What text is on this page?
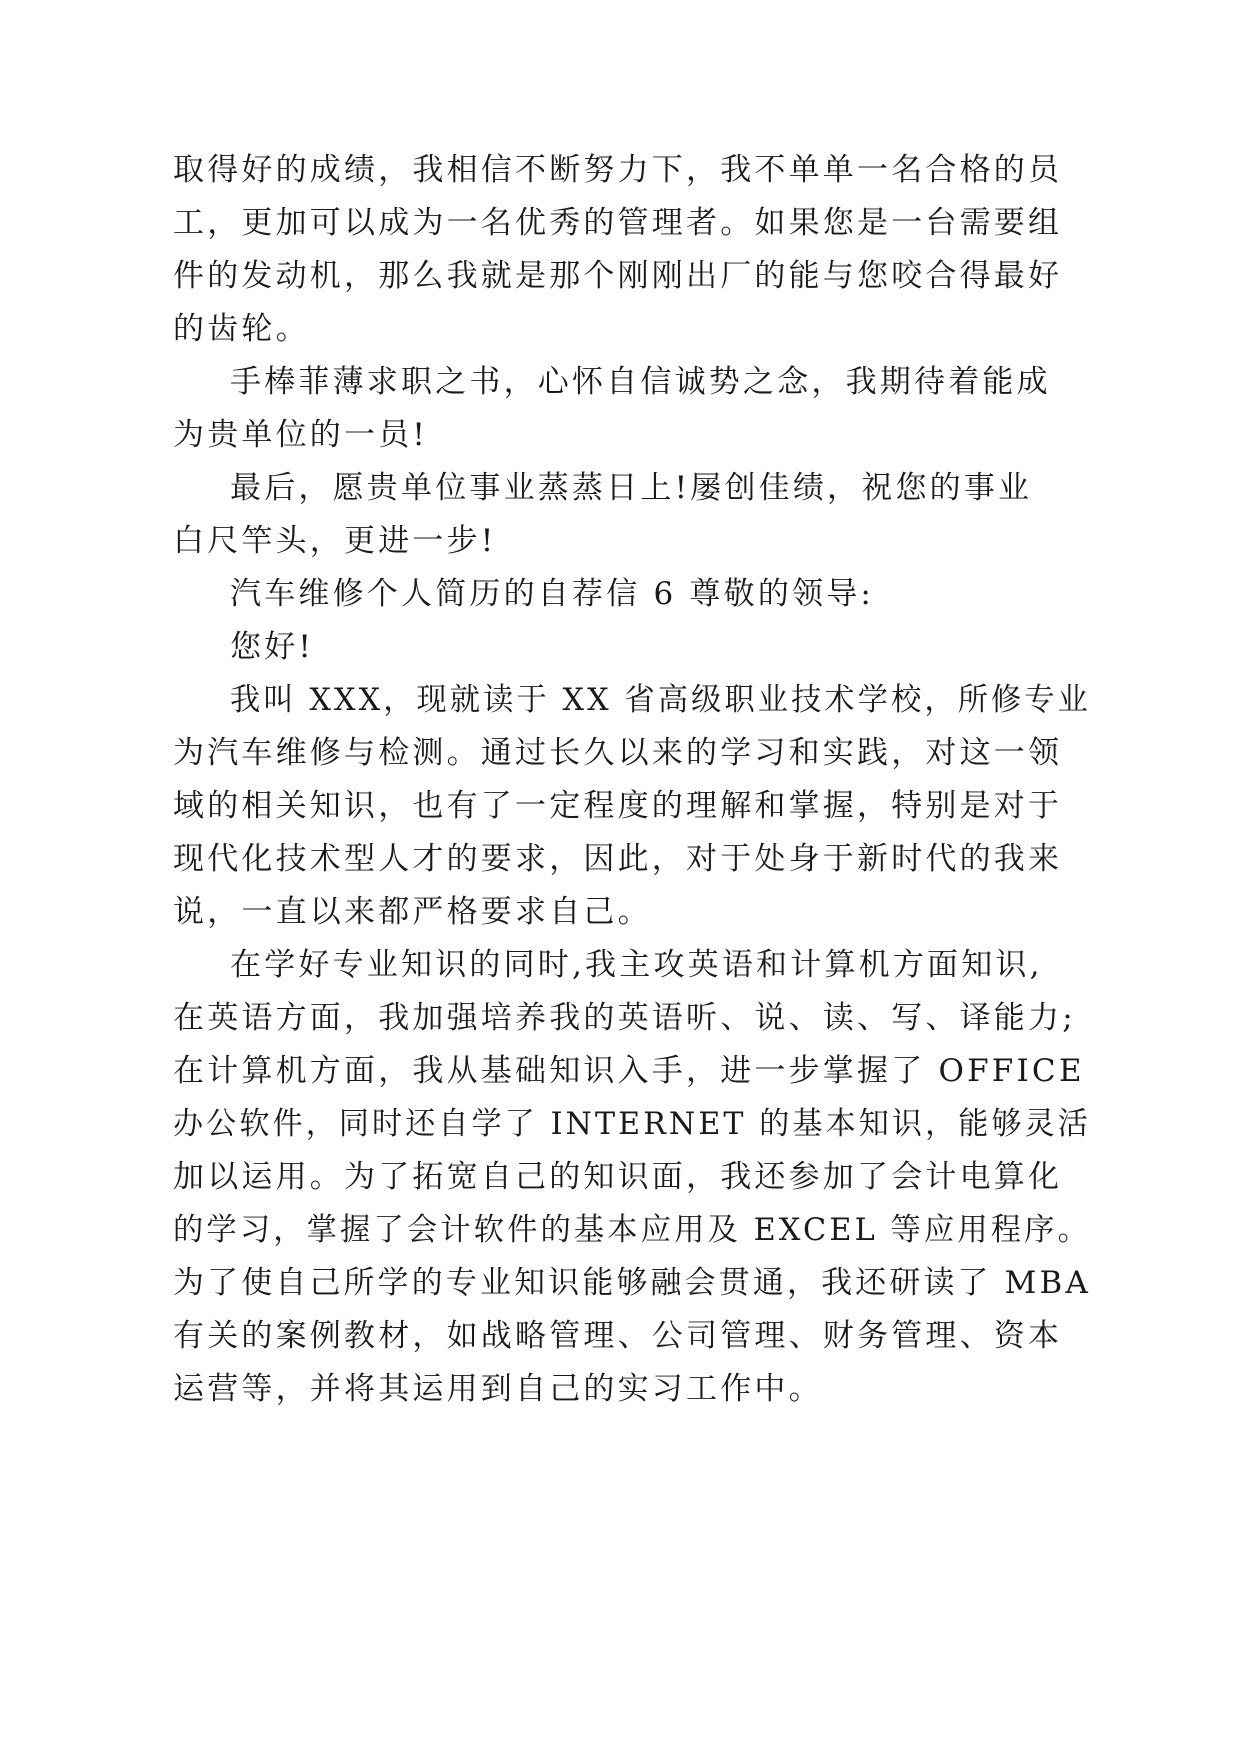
取得好的成绩，我相信不断努力下，我不单单一名合格的员
工，更加可以成为一名优秀的管理者。如果您是一台需要组
件的发动机，那么我就是那个刚刚出厂的能与您咬合得最好
的齿轮。
手棒菲薄求职之书，心怀自信诚势之念，我期待着能成
为贵单位的一员!
最后，愿贵单位事业蒸蒸日上!屡创佳绩，祝您的事业
白尺竿头，更进一步!
汽车维修个人简历的自荐信 6 尊敬的领导:
您好!
我叫 XXX，现就读于 XX 省高级职业技术学校，所修专业
为汽车维修与检测。通过长久以来的学习和实践，对这一领
域的相关知识，也有了一定程度的理解和掌握，特别是对于
现代化技术型人才的要求，因此，对于处身于新时代的我来
说，一直以来都严格要求自己。
在学好专业知识的同时,我主攻英语和计算机方面知识,
在英语方面，我加强培养我的英语听、说、读、写、译能力;
在计算机方面，我从基础知识入手，进一步掌握了 OFFICE
办公软件，同时还自学了 INTERNET 的基本知识，能够灵活
加以运用。为了拓宽自己的知识面，我还参加了会计电算化
的学习，掌握了会计软件的基本应用及 EXCEL 等应用程序。
为了使自己所学的专业知识能够融会贯通，我还研读了 MBA
有关的案例教材，如战略管理、公司管理、财务管理、资本
运营等，并将其运用到自己的实习工作中。
